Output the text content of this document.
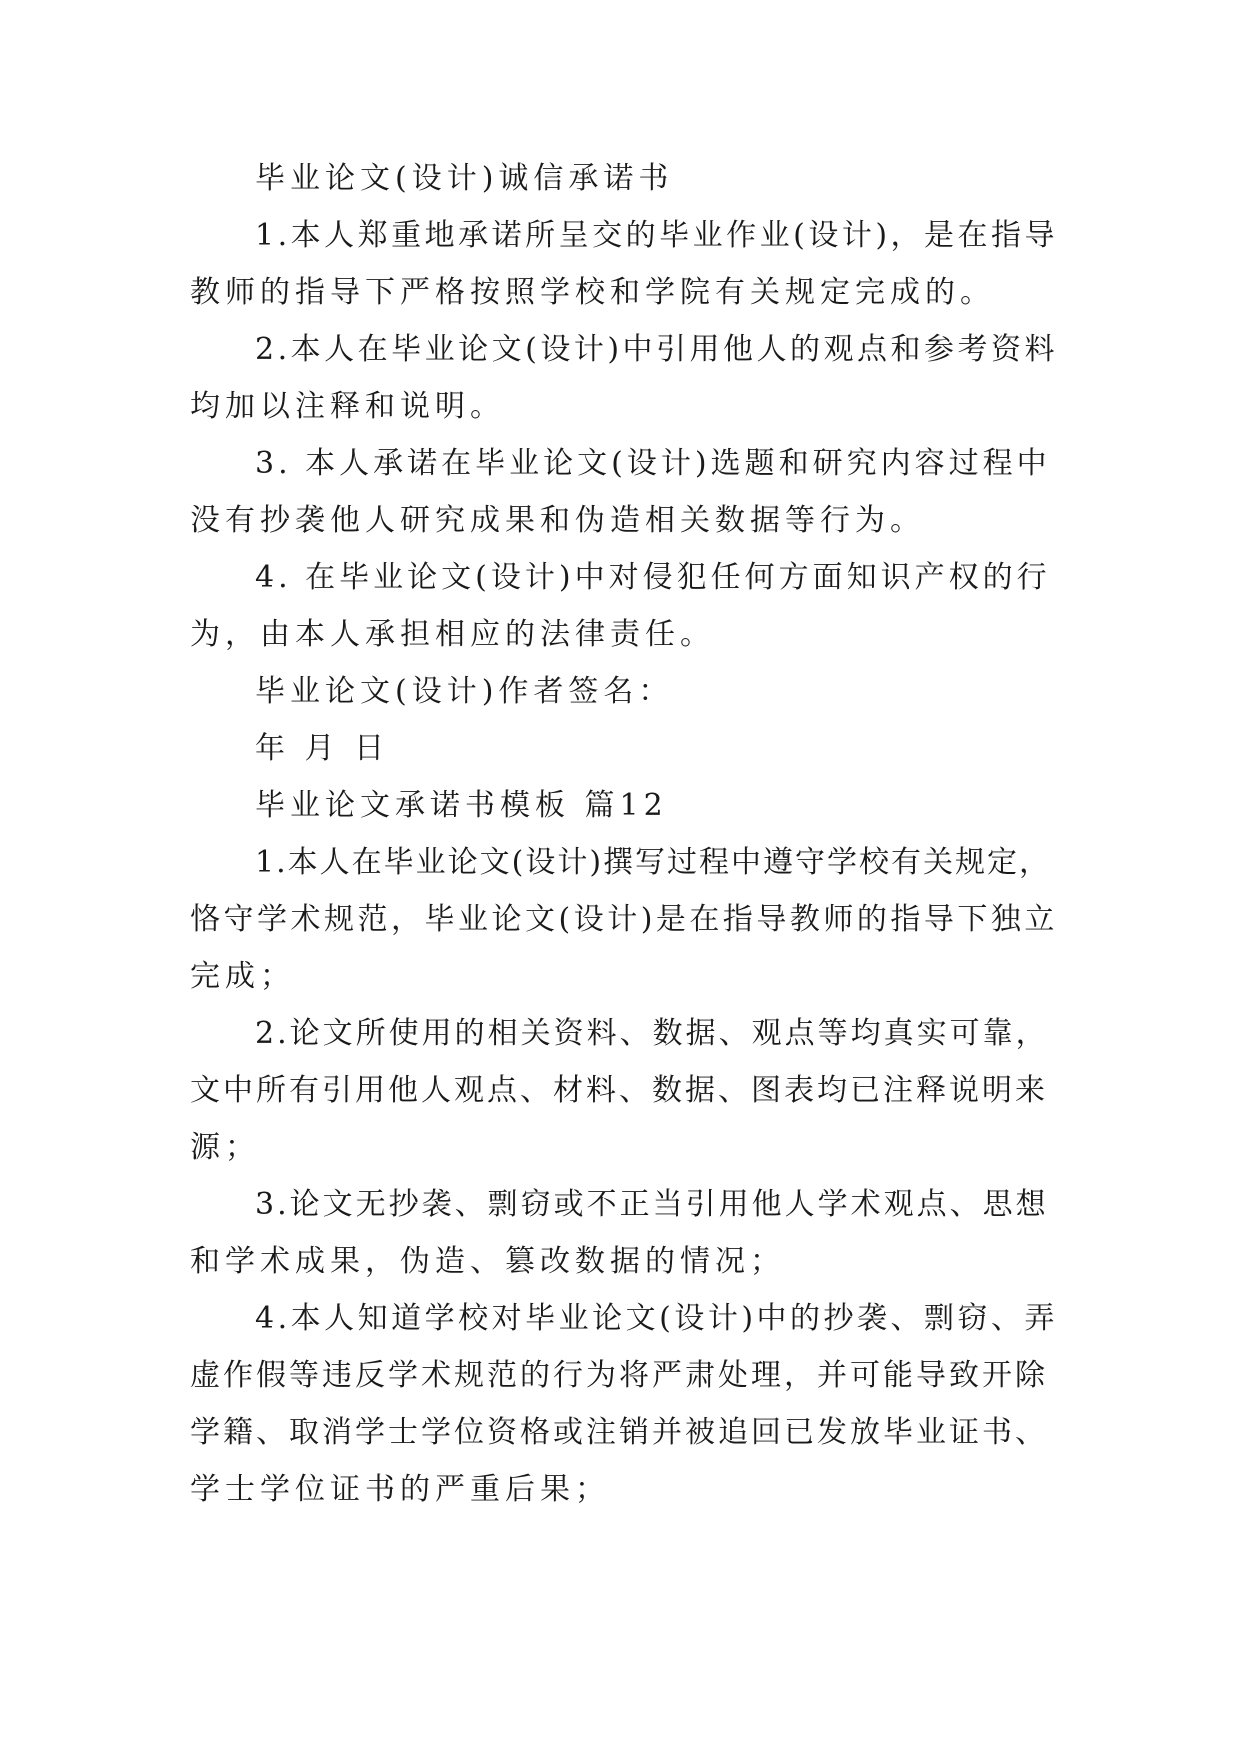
毕业论文(设计)诚信承诺书

1.本人郑重地承诺所呈交的毕业作业(设计)，是在指导

教师的指导下严格按照学校和学院有关规定完成的。

2.本人在毕业论文(设计)中引用他人的观点和参考资料

均加以注释和说明。

3. 本人承诺在毕业论文(设计)选题和研究内容过程中

没有抄袭他人研究成果和伪造相关数据等行为。

4. 在毕业论文(设计)中对侵犯任何方面知识产权的行

为，由本人承担相应的法律责任。

毕业论文(设计)作者签名：

年 月 日

毕业论文承诺书模板 篇12

1.本人在毕业论文(设计)撰写过程中遵守学校有关规定，

恪守学术规范，毕业论文(设计)是在指导教师的指导下独立

完成；

2.论文所使用的相关资料、数据、观点等均真实可靠，

文中所有引用他人观点、材料、数据、图表均已注释说明来

源；

3.论文无抄袭、剽窃或不正当引用他人学术观点、思想

和学术成果，伪造、篡改数据的情况；

4.本人知道学校对毕业论文(设计)中的抄袭、剽窃、弄

虚作假等违反学术规范的行为将严肃处理，并可能导致开除

学籍、取消学士学位资格或注销并被追回已发放毕业证书、

学士学位证书的严重后果；
